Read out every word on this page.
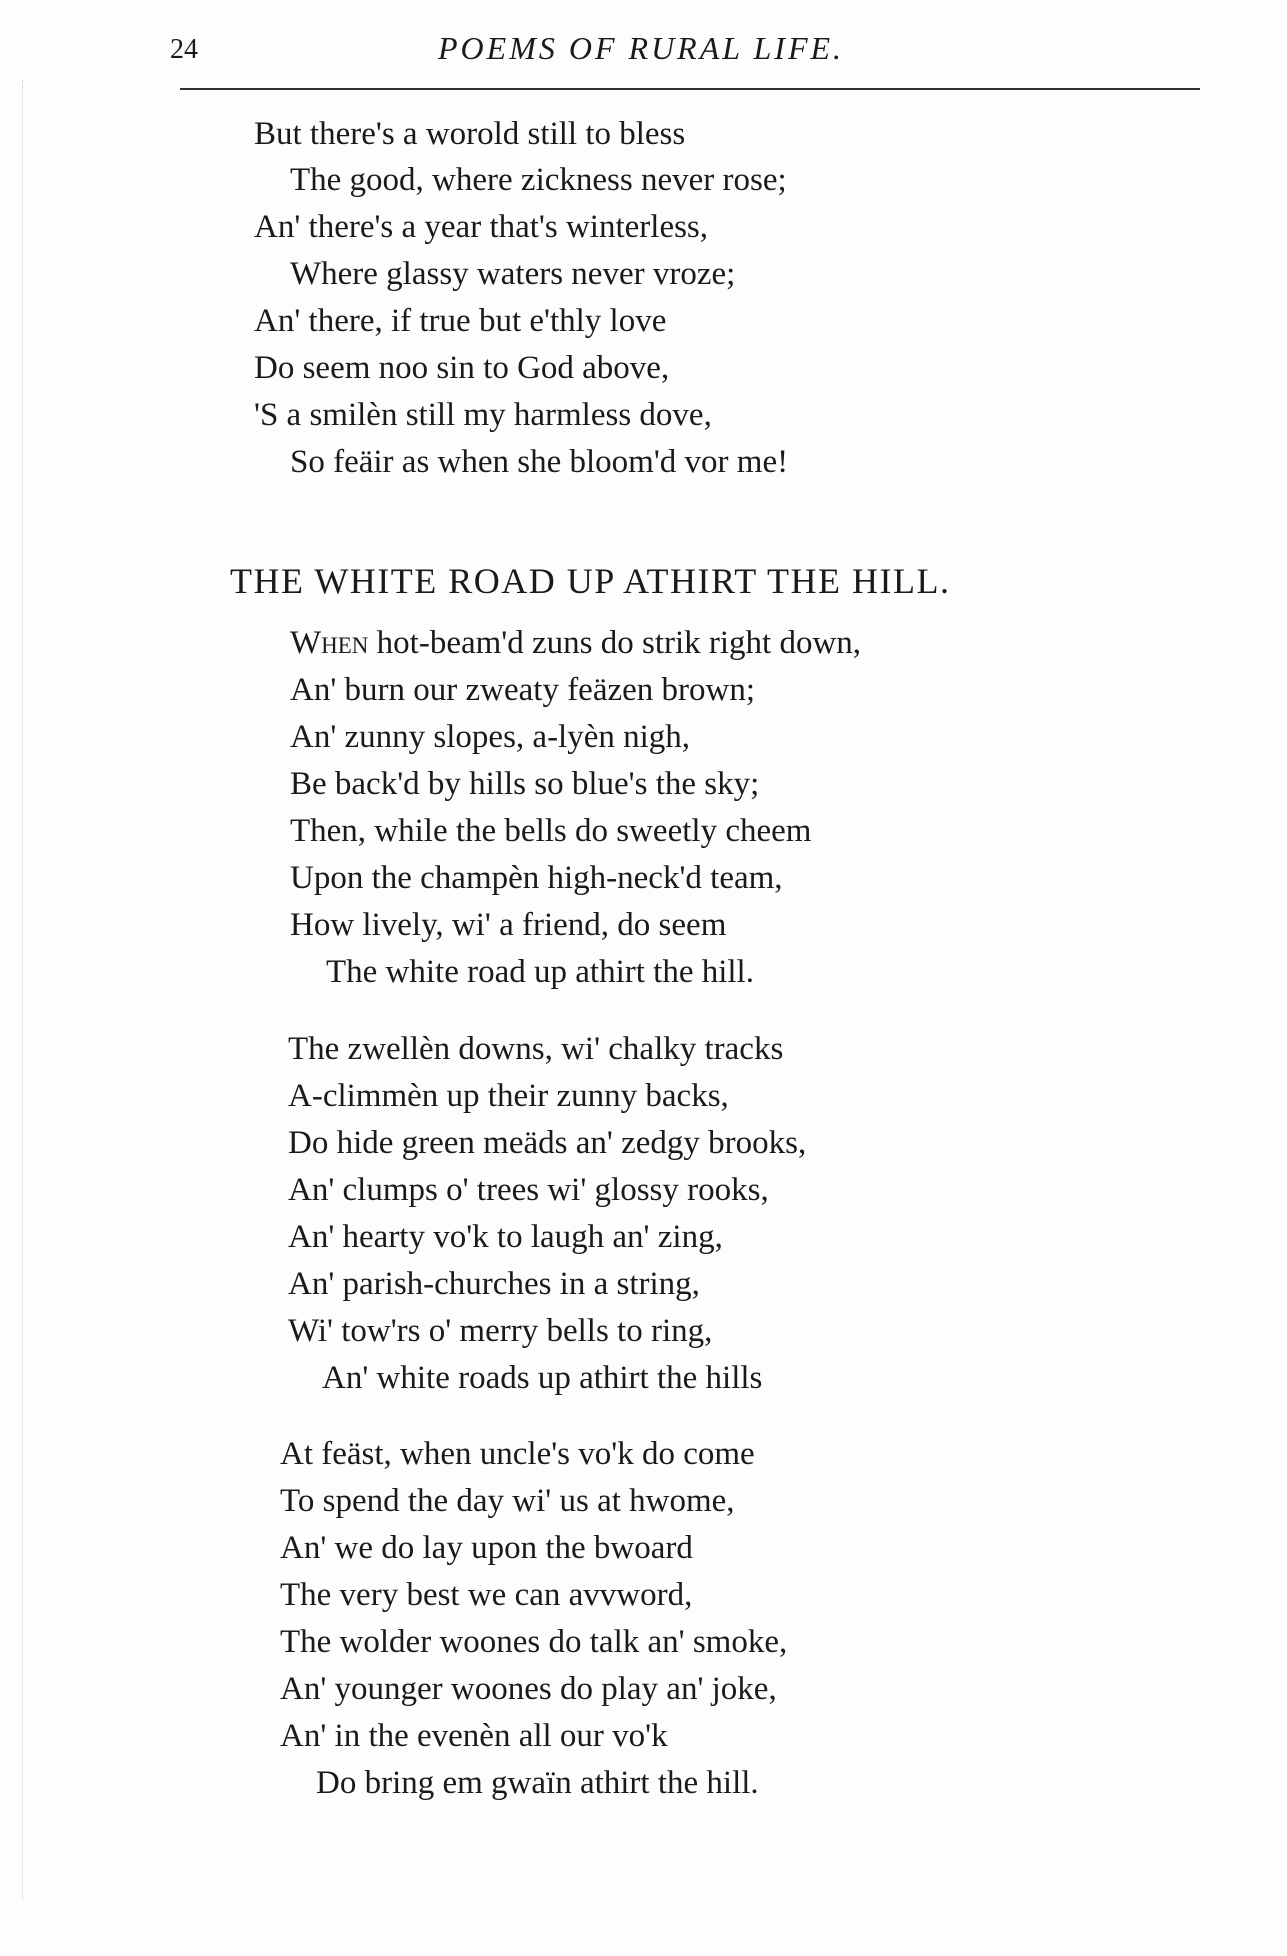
24	POEMS OF RURAL LIFE.
But there's a worold still to bless
The good, where zickness never rose;
An' there's a year that's winterless,
Where glassy waters never vroze;
An' there, if true but e'thly love
Do seem noo sin to God above,
'S a smilèn still my harmless dove,
So feäir as when she bloom'd vor me!
THE WHITE ROAD UP ATHIRT THE HILL.
When hot-beam'd zuns do strik right down,
An' burn our zweaty feäzen brown;
An' zunny slopes, a-lyèn nigh,
Be back'd by hills so blue's the sky;
Then, while the bells do sweetly cheem
Upon the champèn high-neck'd team,
How lively, wi' a friend, do seem
The white road up athirt the hill.
The zwellèn downs, wi' chalky tracks
A-climmèn up their zunny backs,
Do hide green meäds an' zedgy brooks,
An' clumps o' trees wi' glossy rooks,
An' hearty vo'k to laugh an' zing,
An' parish-churches in a string,
Wi' tow'rs o' merry bells to ring,
An' white roads up athirt the hills
At feäst, when uncle's vo'k do come
To spend the day wi' us at hwome,
An' we do lay upon the bwoard
The very best we can avvword,
The wolder woones do talk an' smoke,
An' younger woones do play an' joke,
An' in the evenèn all our vo'k
Do bring em gwaïn athirt the hill.
